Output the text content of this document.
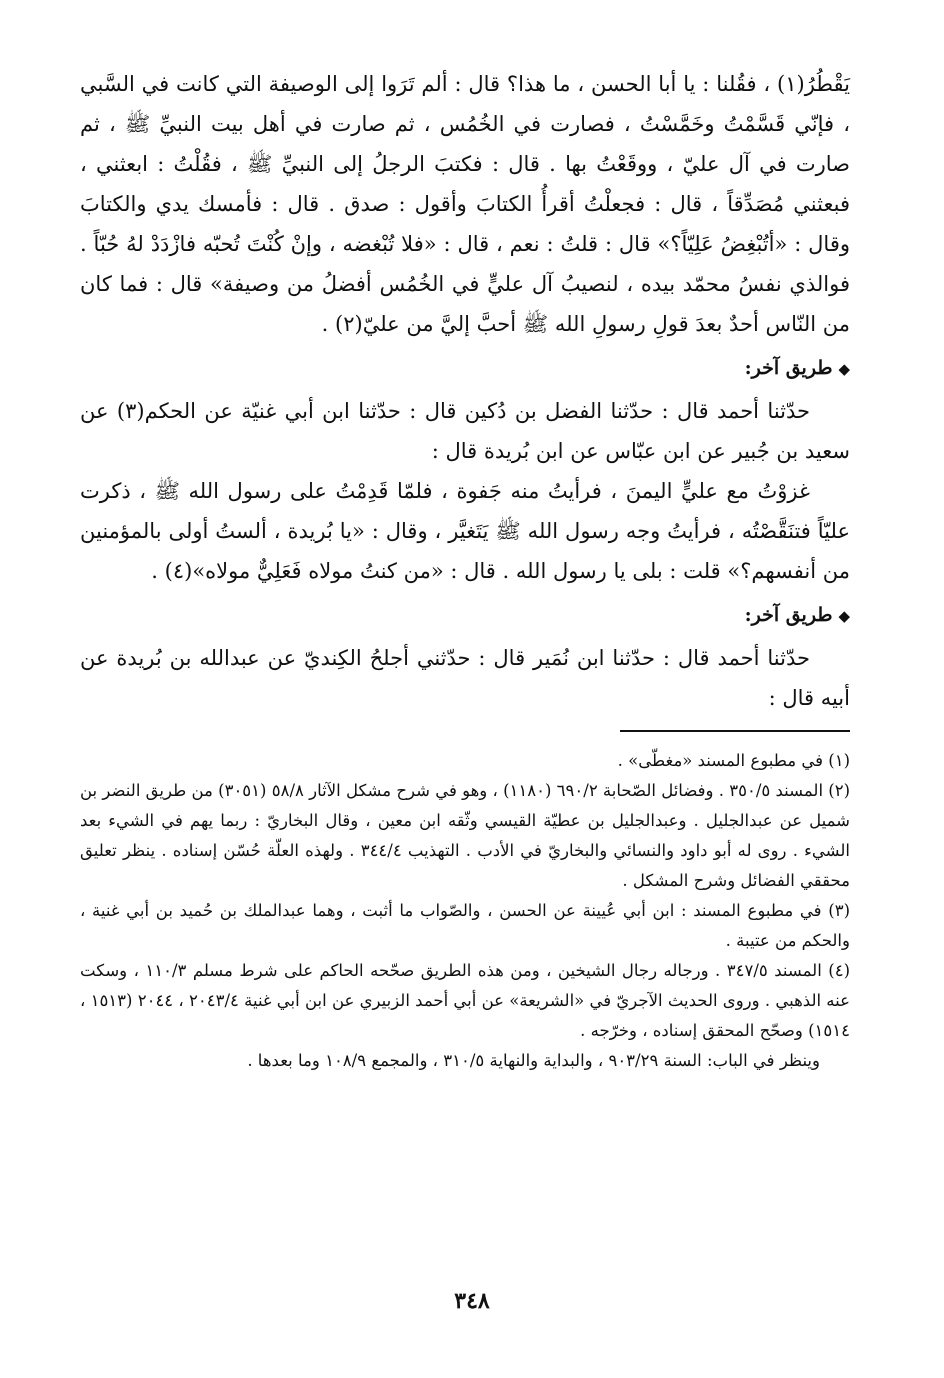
يَقْطُرُ(١) ، فقُلنا : يا أبا الحسن ، ما هذا؟ قال : ألم تَرَوا إلى الوصيفة التي كانت في السَّبي ، فإنّي قَسَّمْتُ وخَمَّسْتُ ، فصارت في الخُمُس ، ثم صارت في أهل بيت النبيِّ ﷺ ، ثم صارت في آل عليّ ، ووقَعْتُ بها . قال : فكتبَ الرجلُ إلى النبيِّ ﷺ ، فقُلْتُ : ابعثني ، فبعثني مُصَدِّقاً ، قال : فجعلْتُ أقرأُ الكتابَ وأقول : صدق . قال : فأمسك يدي والكتابَ وقال : «أتُبْغِضُ عَلِيّاً؟» قال : قلتُ : نعم ، قال : «فلا تُبْغضه ، وإنْ كُنْتَ تُحبّه فازْدَدْ لهُ حُبّاً . فوالذي نفسُ محمّد بيده ، لنصيبُ آل عليٍّ في الخُمُس أفضلُ من وصيفة» قال : فما كان من النّاس أحدٌ بعدَ قولِ رسولِ الله ﷺ أحبَّ إليَّ من عليّ(٢) .

◆طريق آخر:

حدّثنا أحمد قال : حدّثنا الفضل بن دُكين قال : حدّثنا ابن أبي غنيّة عن الحكم(٣) عن سعيد بن جُبير عن ابن عبّاس عن ابن بُريدة قال :

غزوْتُ مع عليٍّ اليمنَ ، فرأيتُ منه جَفوة ، فلمّا قَدِمْتُ على رسول الله ﷺ ، ذكرت عليّاً فتنَقَّصْتُه ، فرأيتُ وجه رسول الله ﷺ يَتَغيَّر ، وقال : «يا بُريدة ، ألستُ أولى بالمؤمنين من أنفسهم؟» قلت : بلى يا رسول الله . قال : «من كنتُ مولاه فَعَلِيٌّ مولاه»(٤) .

◆طريق آخر:

حدّثنا أحمد قال : حدّثنا ابن نُمَير قال : حدّثني أجلحُ الكِنديّ عن عبدالله بن بُريدة عن أبيه قال :

(١) في مطبوع المسند «مغطّى» .

(٢) المسند ٣٥٠/٥ . وفضائل الصّحابة ٦٩٠/٢ (١١٨٠) ، وهو في شرح مشكل الآثار ٥٨/٨ (٣٠٥١) من طريق النضر بن شميل عن عبدالجليل . وعبدالجليل بن عطيّة القيسي وثّقه ابن معين ، وقال البخاريّ : ربما يهم في الشيء بعد الشيء . روى له أبو داود والنسائي والبخاريّ في الأدب . التهذيب ٣٤٤/٤ . ولهذه العلّة حُسّن إسناده . ينظر تعليق محققي الفضائل وشرح المشكل .

(٣) في مطبوع المسند : ابن أبي عُيينة عن الحسن ، والصّواب ما أثبت ، وهما عبدالملك بن حُميد بن أبي غنية ، والحكم من عتيبة .

(٤) المسند ٣٤٧/٥ . ورجاله رجال الشيخين ، ومن هذه الطريق صحّحه الحاكم على شرط مسلم ١١٠/٣ ، وسكت عنه الذهبي . وروى الحديث الآجريّ في «الشريعة» عن أبي أحمد الزبيري عن ابن أبي غنية ٢٠٤٣/٤ ، ٢٠٤٤ (١٥١٣ ، ١٥١٤) وصحّح المحقق إسناده ، وخرّجه .

وينظر في الباب: السنة ٩٠٣/٢٩ ، والبداية والنهاية ٣١٠/٥ ، والمجمع ١٠٨/٩ وما بعدها .

٣٤٨
